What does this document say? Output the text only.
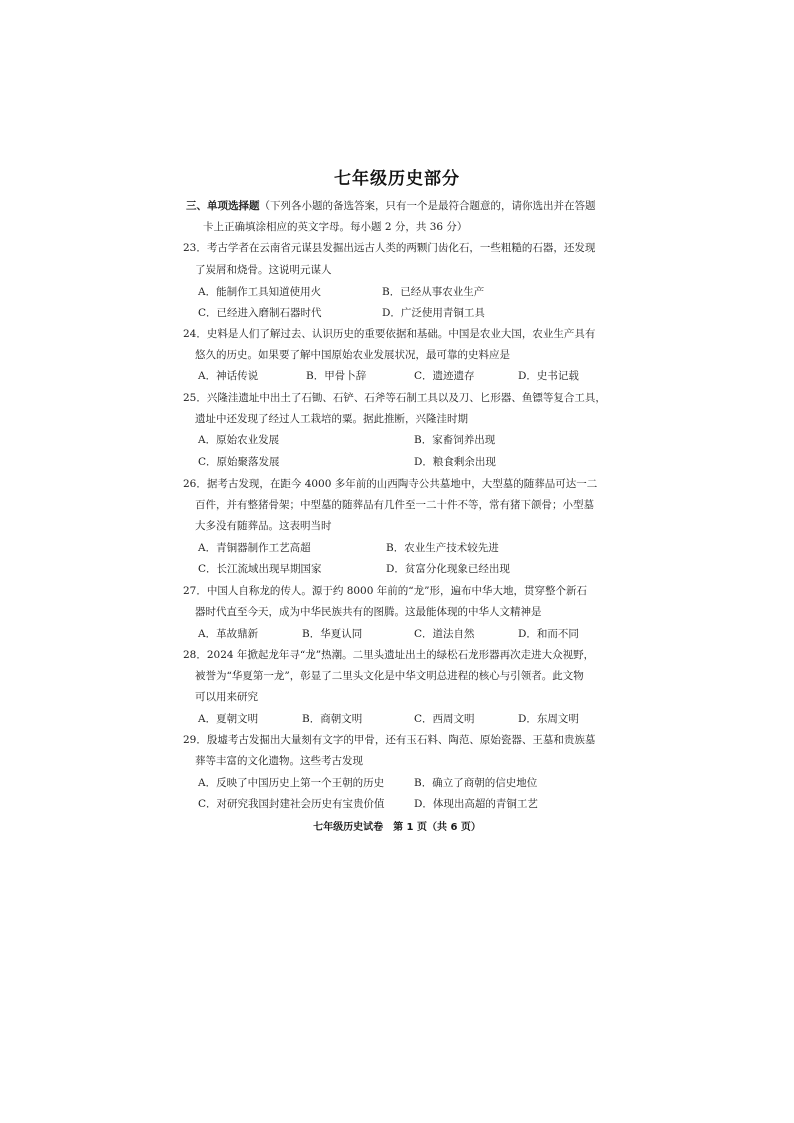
七年级历史部分
三、单项选择题（下列各小题的备选答案，只有一个是最符合题意的，请你选出并在答题
卡上正确填涂相应的英文字母。每小题 2 分，共 36 分）
23．考古学者在云南省元谋县发掘出远古人类的两颗门齿化石，一些粗糙的石器，还发现
了炭屑和烧骨。这说明元谋人
A．能制作工具知道使用火	B．已经从事农业生产
C．已经进入磨制石器时代	D．广泛使用青铜工具
24．史料是人们了解过去、认识历史的重要依据和基础。中国是农业大国，农业生产具有
悠久的历史。如果要了解中国原始农业发展状况，最可靠的史料应是
A．神话传说	B．甲骨卜辞	C．遗迹遗存	D．史书记载
25．兴隆洼遗址中出土了石锄、石铲、石斧等石制工具以及刀、匕形器、鱼镖等复合工具，
遗址中还发现了经过人工栽培的粟。据此推断，兴隆洼时期
A．原始农业发展	B．家畜饲养出现
C．原始聚落发展	D．粮食剩余出现
26．据考古发现，在距今 4000 多年前的山西陶寺公共墓地中，大型墓的随葬品可达一二
百件，并有整猪骨架；中型墓的随葬品有几件至一二十件不等，常有猪下颌骨；小型墓
大多没有随葬品。这表明当时
A．青铜器制作工艺高超	B．农业生产技术较先进
C．长江流域出现早期国家	D．贫富分化现象已经出现
27．中国人自称龙的传人。源于约 8000 年前的“龙”形，遍布中华大地，贯穿整个新石
器时代直至今天，成为中华民族共有的图腾。这最能体现的中华人文精神是
A．革故鼎新	B．华夏认同	C．道法自然	D．和而不同
28．2024 年掀起龙年寻“龙”热潮。二里头遗址出土的绿松石龙形器再次走进大众视野，
被誉为“华夏第一龙”，彰显了二里头文化是中华文明总进程的核心与引领者。此文物
可以用来研究
A．夏朝文明	B．商朝文明	C．西周文明	D．东周文明
29．殷墟考古发掘出大量刻有文字的甲骨，还有玉石料、陶范、原始瓷器、王墓和贵族墓
葬等丰富的文化遗物。这些考古发现
A．反映了中国历史上第一个王朝的历史	B．确立了商朝的信史地位
C．对研究我国封建社会历史有宝贵价值	D．体现出高超的青铜工艺
七年级历史试卷　第 1 页（共 6 页）
